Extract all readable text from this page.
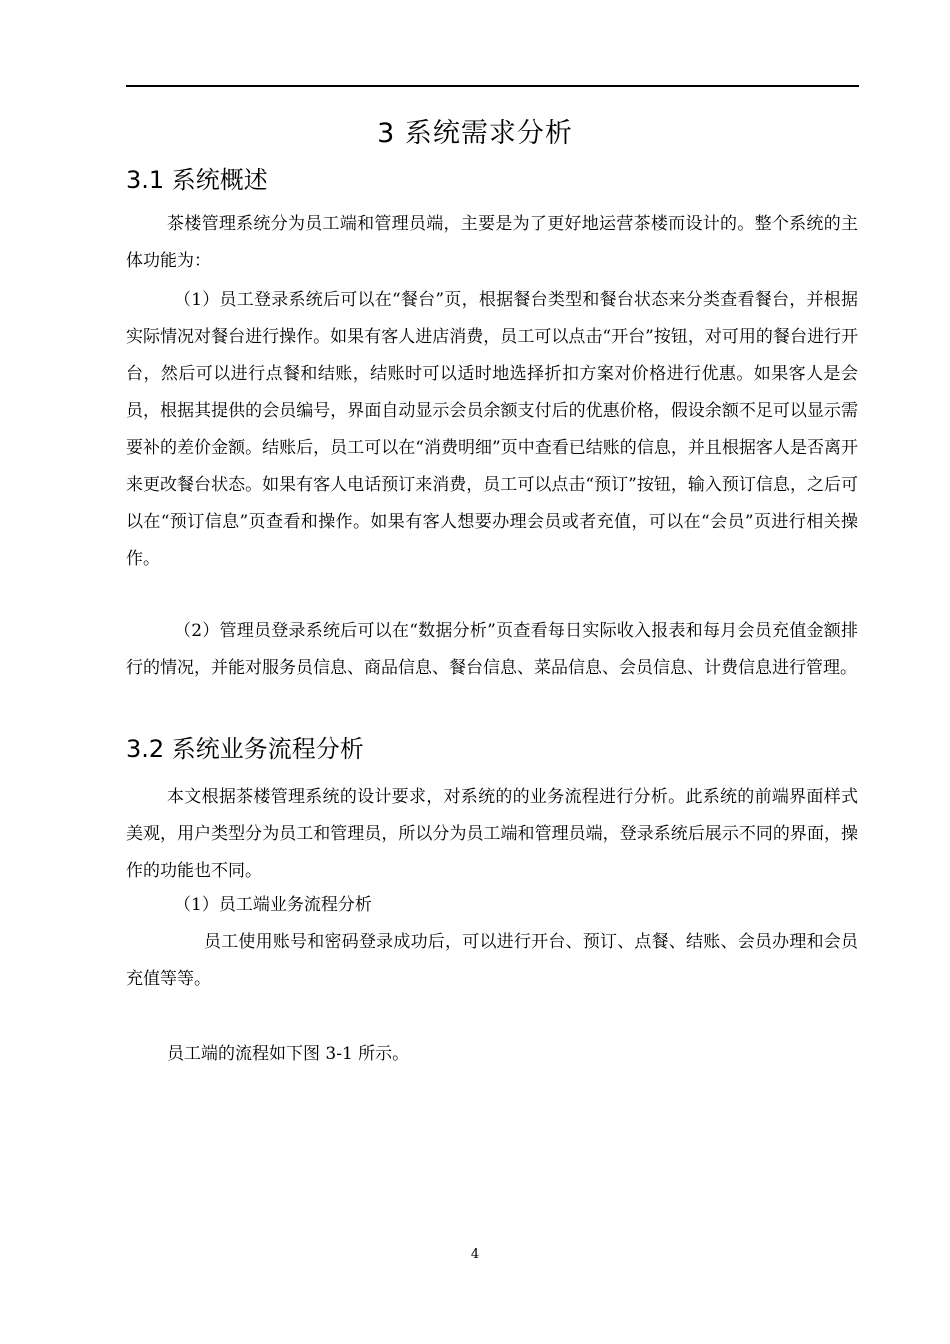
3 系统需求分析
3.1 系统概述

茶楼管理系统分为员工端和管理员端，主要是为了更好地运营茶楼而设计的。整个系统的主体功能为：

（1）员工登录系统后可以在“餐台”页，根据餐台类型和餐台状态来分类查看餐台，并根据实际情况对餐台进行操作。如果有客人进店消费，员工可以点击“开台”按钮，对可用的餐台进行开台，然后可以进行点餐和结账，结账时可以适时地选择折扣方案对价格进行优惠。如果客人是会员，根据其提供的会员编号，界面自动显示会员余额支付后的优惠价格，假设余额不足可以显示需要补的差价金额。结账后，员工可以在“消费明细”页中查看已结账的信息，并且根据客人是否离开来更改餐台状态。如果有客人电话预订来消费，员工可以点击“预订”按钮，输入预订信息，之后可以在“预订信息”页查看和操作。如果有客人想要办理会员或者充值，可以在“会员”页进行相关操作。

（2）管理员登录系统后可以在“数据分析”页查看每日实际收入报表和每月会员充值金额排行的情况，并能对服务员信息、商品信息、餐台信息、菜品信息、会员信息、计费信息进行管理。

3.2 系统业务流程分析

本文根据茶楼管理系统的设计要求，对系统的的业务流程进行分析。此系统的前端界面样式美观，用户类型分为员工和管理员，所以分为员工端和管理员端，登录系统后展示不同的界面，操作的功能也不同。

（1）员工端业务流程分析

员工使用账号和密码登录成功后，可以进行开台、预订、点餐、结账、会员办理和会员充值等等。

员工端的流程如下图 3-1 所示。

4
